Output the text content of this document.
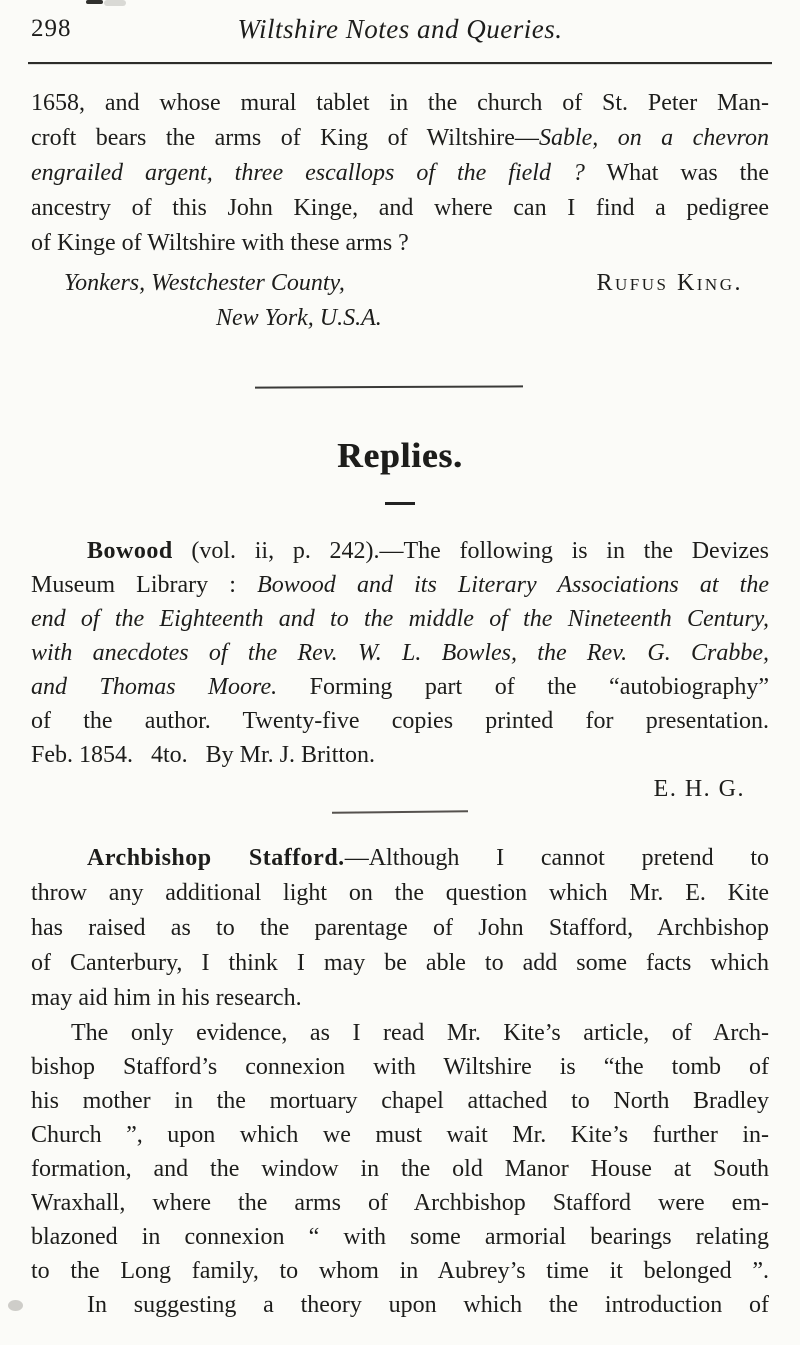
298	Wiltshire Notes and Queries.
1658, and whose mural tablet in the church of St. Peter Man-
croft bears the arms of King of Wiltshire—Sable, on a chevron
engrailed argent, three escallops of the field ? What was the
ancestry of this John Kinge, and where can I find a pedigree
of Kinge of Wiltshire with these arms ?
Yonkers, Westchester County,	Rufus King.
New York, U.S.A.
Replies.
Bowood (vol. ii, p. 242).—The following is in the Devizes
Museum Library : Bowood and its Literary Associations at the
end of the Eighteenth and to the middle of the Nineteenth Century,
with anecdotes of the Rev. W. L. Bowles, the Rev. G. Crabbe,
and Thomas Moore. Forming part of the “autobiography”
of the author. Twenty-five copies printed for presentation.
Feb. 1854.  4to.  By Mr. J. Britton.
E. H. G.
Archbishop Stafford.—Although I cannot pretend to
throw any additional light on the question which Mr. E. Kite
has raised as to the parentage of John Stafford, Archbishop
of Canterbury, I think I may be able to add some facts which
may aid him in his research.
The only evidence, as I read Mr. Kite’s article, of Arch-
bishop Stafford’s connexion with Wiltshire is “the tomb of
his mother in the mortuary chapel attached to North Bradley
Church ”, upon which we must wait Mr. Kite’s further in-
formation, and the window in the old Manor House at South
Wraxhall, where the arms of Archbishop Stafford were em-
blazoned in connexion “ with some armorial bearings relating
to the Long family, to whom in Aubrey’s time it belonged ”.
In suggesting a theory upon which the introduction of
